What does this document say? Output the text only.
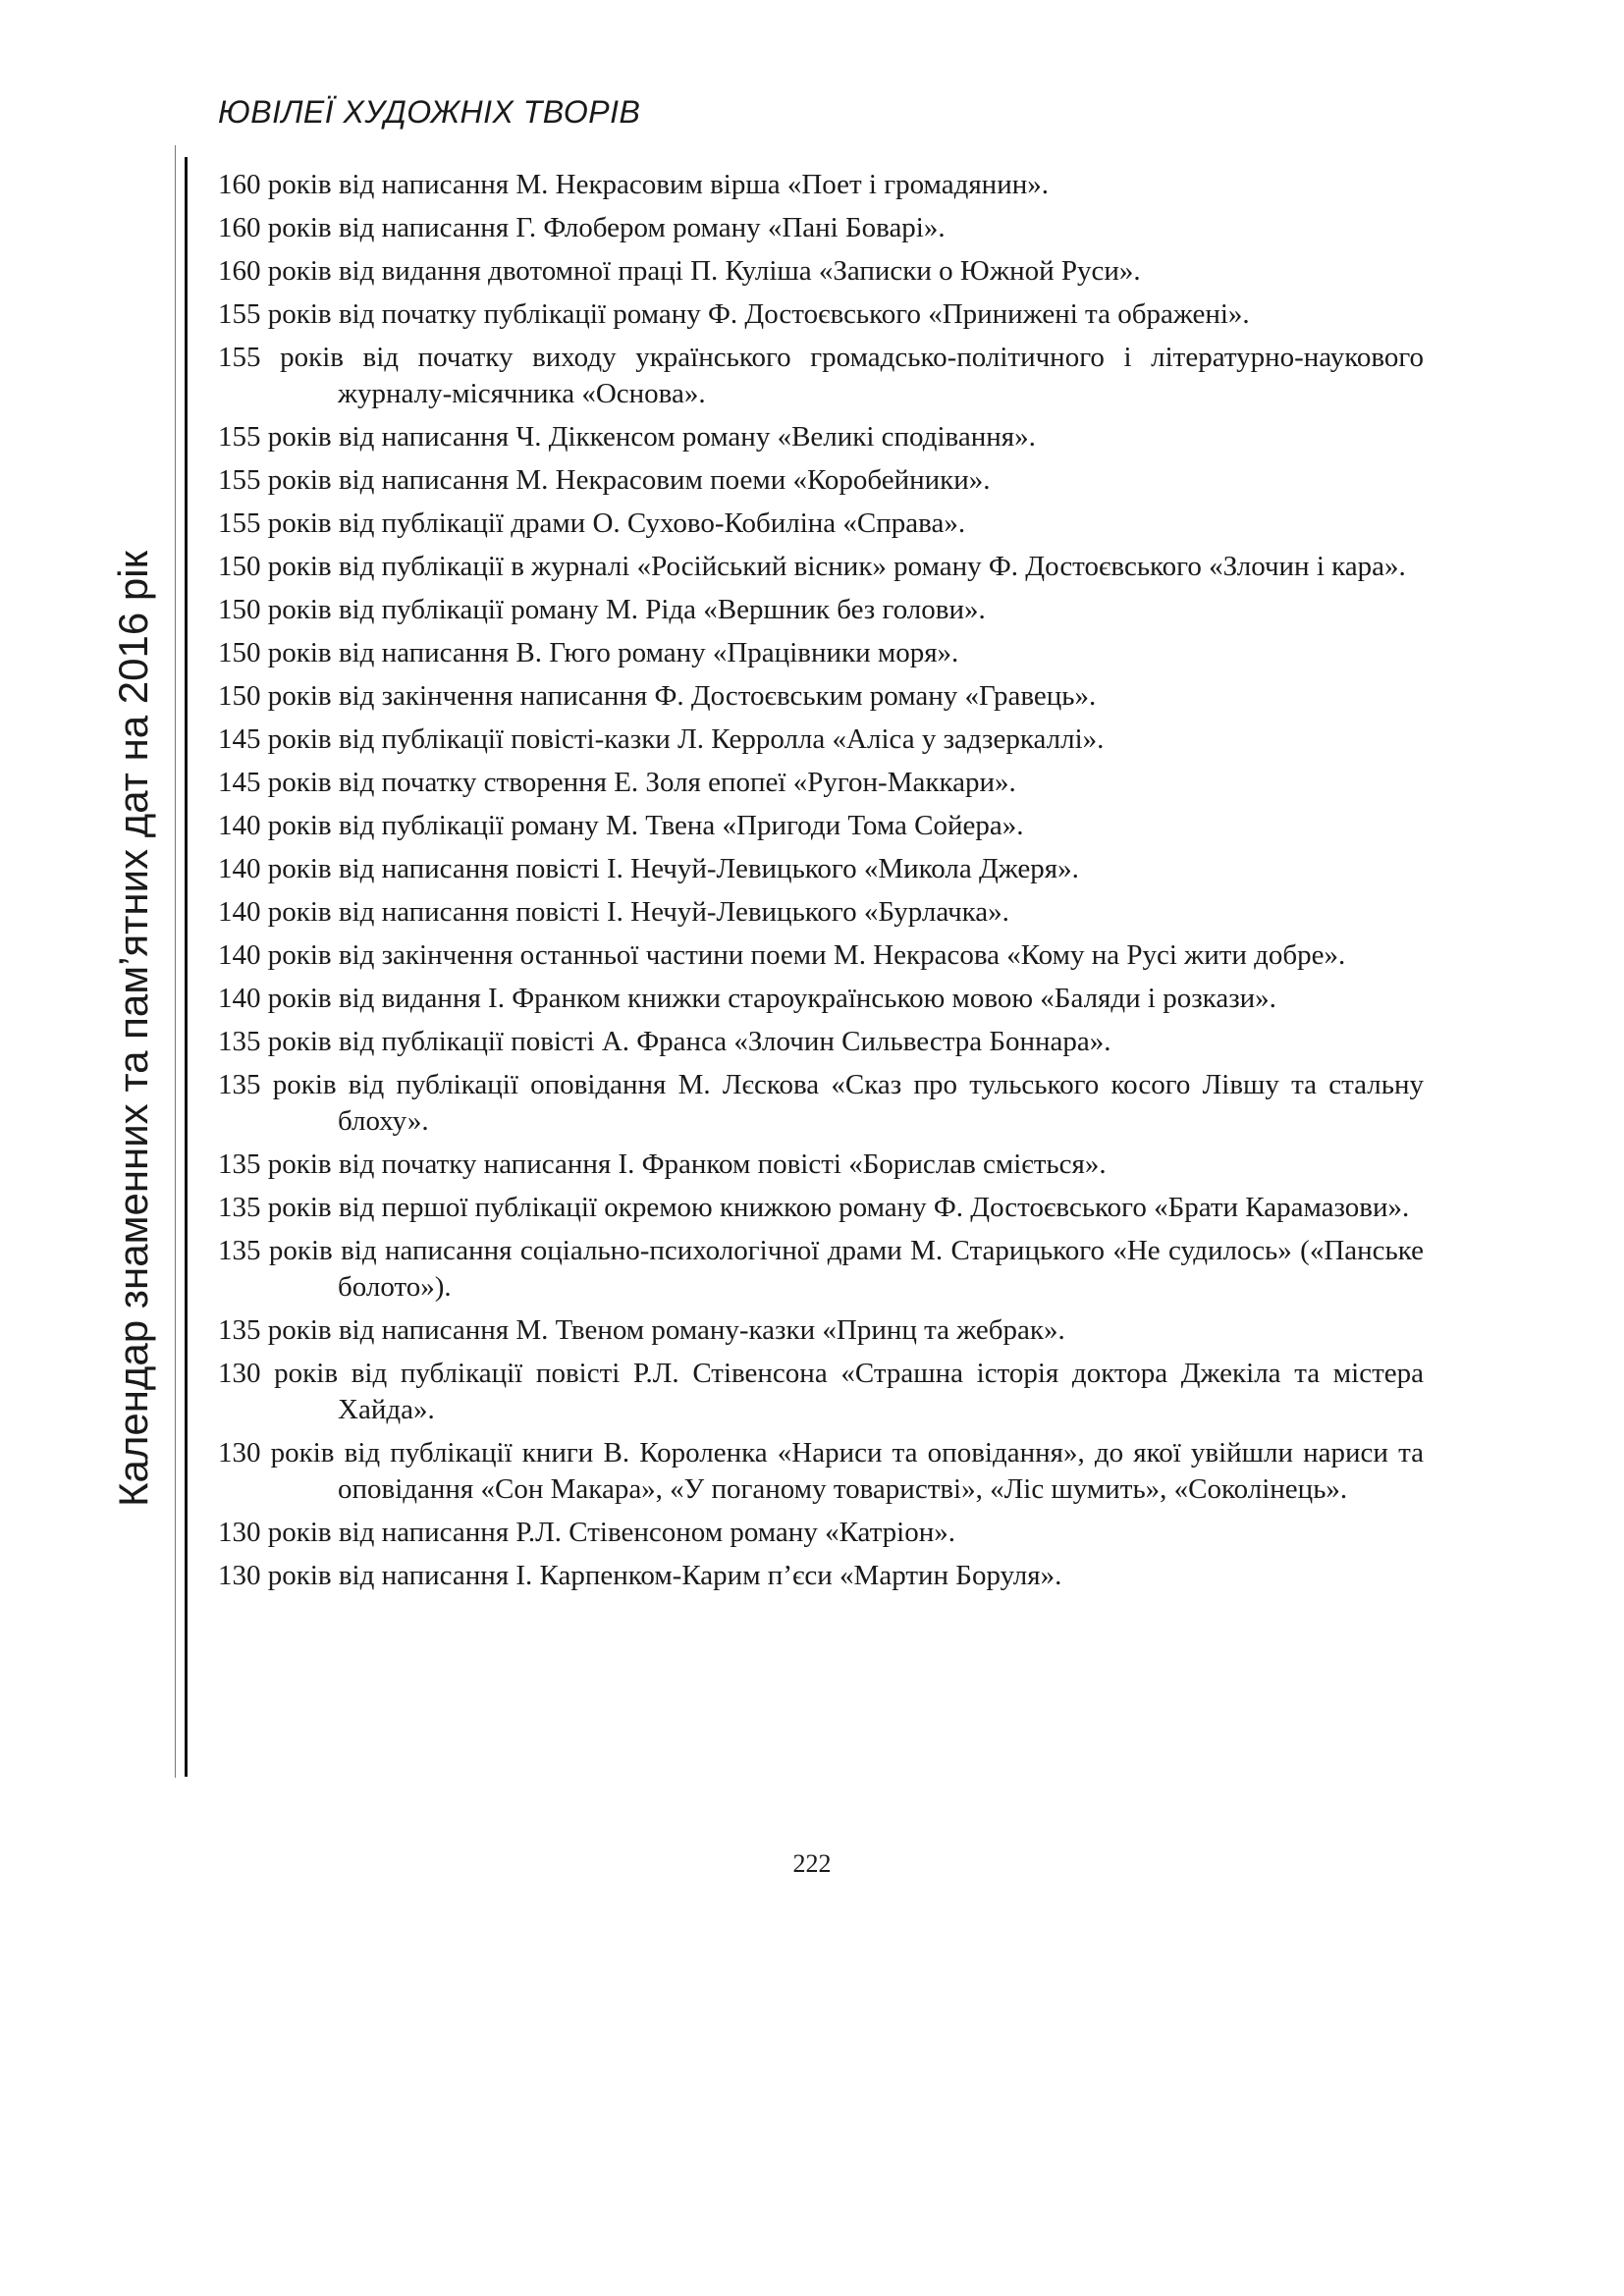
ЮВІЛЕЇ ХУДОЖНІХ ТВОРІВ
Календар знаменних та пам’ятних дат на 2016 рік
160 років від написання М. Некрасовим вірша «Поет і громадянин».
160 років від написання Г. Флобером роману «Пані Боварі».
160 років від видання двотомної праці П. Куліша «Записки о Южной Руси».
155 років від початку публікації роману Ф. Достоєвського «Принижені та ображені».
155 років від початку виходу українського громадсько-політичного і літературно-наукового журналу-місячника «Основа».
155 років від написання Ч. Діккенсом роману «Великі сподівання».
155 років від написання М. Некрасовим поеми «Коробейники».
155 років від публікації драми О. Сухово-Кобиліна «Справа».
150 років від публікації в журналі «Російський вісник» роману Ф. Достоєвського «Злочин і кара».
150 років від публікації роману М. Ріда «Вершник без голови».
150 років від написання В. Гюго роману «Працівники моря».
150 років від закінчення написання Ф. Достоєвським роману «Гравець».
145 років від публікації повісті-казки Л. Керролла «Аліса у задзеркаллі».
145 років від початку створення Е. Золя епопеї «Ругон-Маккари».
140 років від публікації роману М. Твена «Пригоди Тома Сойера».
140 років від написання повісті І. Нечуй-Левицького «Микола Джеря».
140 років від написання повісті І. Нечуй-Левицького «Бурлачка».
140 років від закінчення останньої частини поеми М. Некрасова «Кому на Русі жити добре».
140 років від видання І. Франком книжки староукраїнською мовою «Баляди і розкази».
135 років від публікації повісті А. Франса «Злочин Сильвестра Боннара».
135 років від публікації оповідання М. Лєскова «Сказ про тульського косого Лівшу та стальну блоху».
135 років від початку написання І. Франком повісті «Борислав сміється».
135 років від першої публікації окремою книжкою роману Ф. Достоєвського «Брати Карамазови».
135 років від написання соціально-психологічної драми М. Старицького «Не судилось» («Панське болото»).
135 років від написання М. Твеном роману-казки «Принц та жебрак».
130 років від публікації повісті Р.Л. Стівенсона «Страшна історія доктора Джекіла та містера Хайда».
130 років від публікації книги В. Короленка «Нариси та оповідання», до якої увійшли нариси та оповідання «Сон Макара», «У поганому товаристві», «Ліс шумить», «Соколінець».
130 років від написання Р.Л. Стівенсоном роману «Катріон».
130 років від написання І. Карпенком-Карим п’єси «Мартин Боруля».
222
